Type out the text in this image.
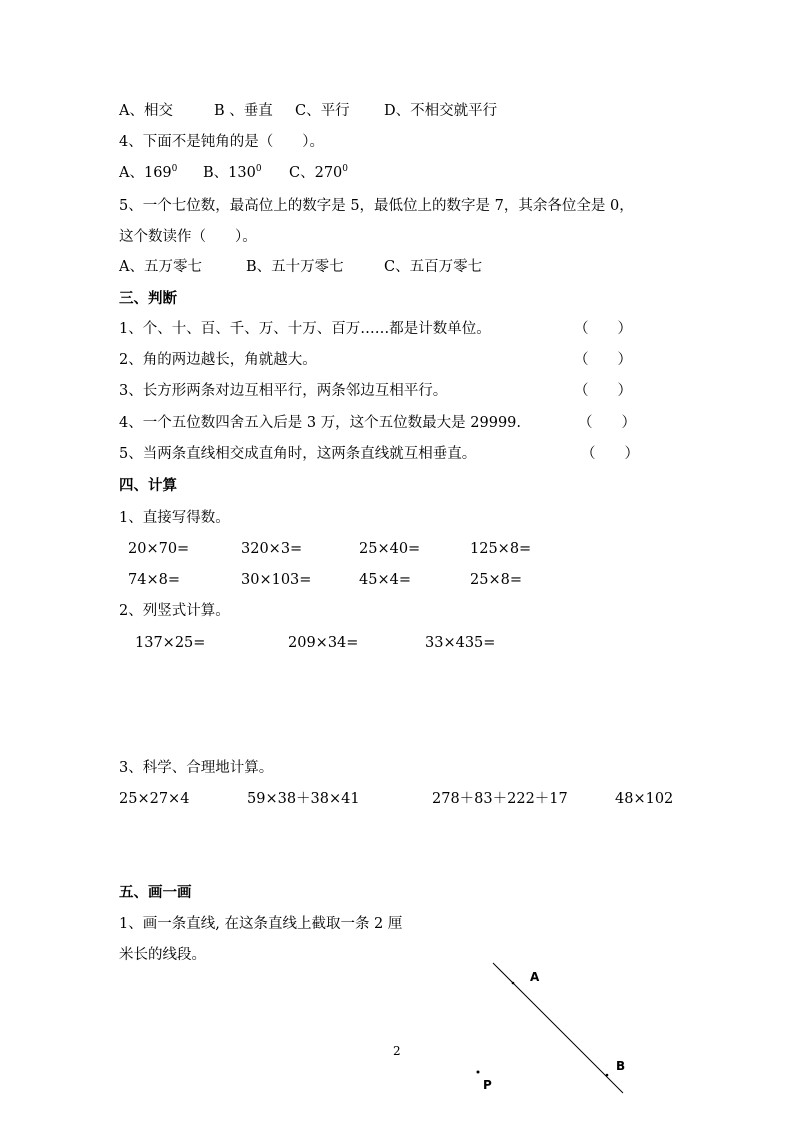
A、相交	B 、垂直 C、平行 D、不相交就平行
4、下面不是钝角的是（　　）。
A、$169^0$ B、$130^0$ C、$270^0$
5、一个七位数，最高位上的数字是 5，最低位上的数字是 7，其余各位全是 0，
这个数读作（　　）。
A、五万零七	B、五十万零七	C、五百万零七
三、判断
1、个、十、百、千、万、十万、百万……都是计数单位。	（　　）
2、角的两边越长，角就越大。	（　　）
3、长方形两条对边互相平行，两条邻边互相平行。	（　　）
4、一个五位数四舍五入后是 3 万，这个五位数最大是 29999.	（　　）
5、当两条直线相交成直角时，这两条直线就互相垂直。	（　　）
四、计算
1、直接写得数。
20×70=	320×3=	25×40=	125×8=
74×8=	30×103=	45×4=	25×8=
2、列竖式计算。
137×25=	209×34=	33×435=
3、科学、合理地计算。
25×27×4	59×38＋38×41	278＋83＋222＋17	48×102
五、画一画
1、画一条直线, 在这条直线上截取一条 2 厘
米长的线段。
A
B
P
2
